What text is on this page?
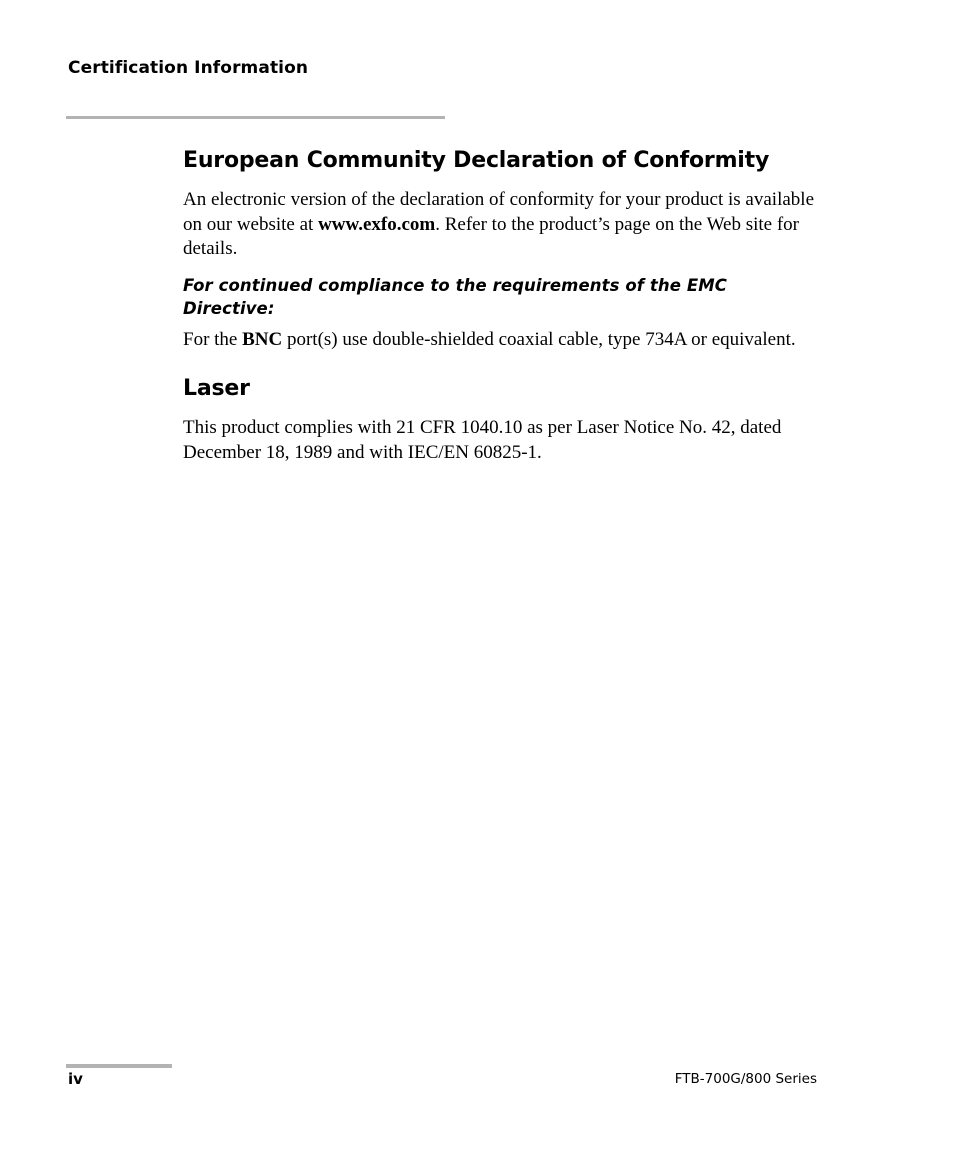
Certification Information
European Community Declaration of Conformity

An electronic version of the declaration of conformity for your product is available on our website at www.exfo.com. Refer to the product’s page on the Web site for details.

For continued compliance to the requirements of the EMC Directive:

For the BNC port(s) use double-shielded coaxial cable, type 734A or equivalent.

Laser

This product complies with 21 CFR 1040.10 as per Laser Notice No. 42, dated December 18, 1989 and with IEC/EN 60825-1.

iv	FTB-700G/800 Series
